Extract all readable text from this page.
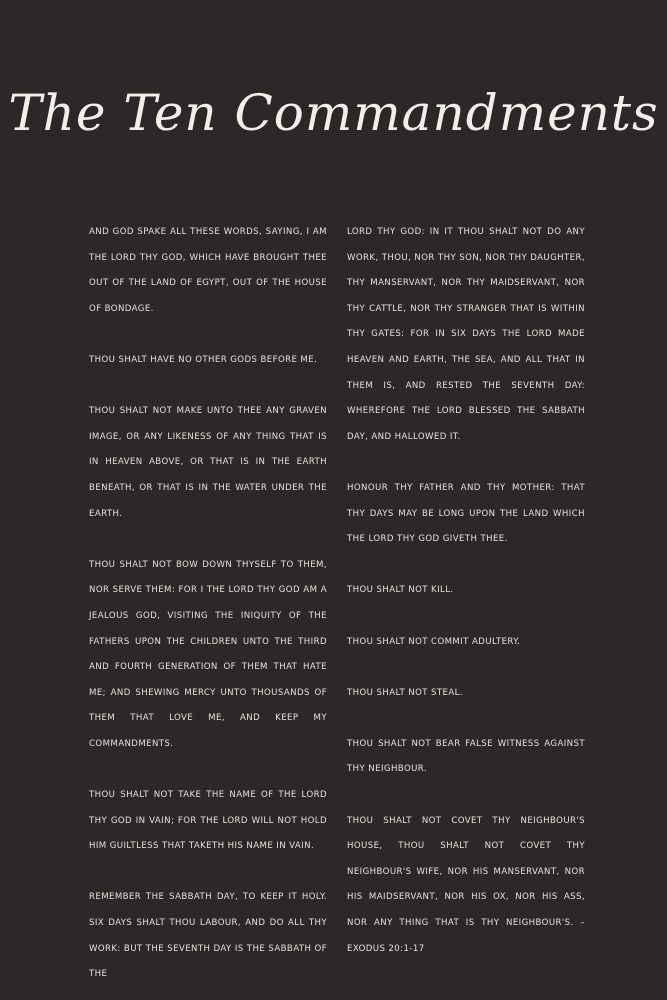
The Ten Commandments

AND GOD SPAKE ALL THESE WORDS, SAYING, I AM THE LORD THY GOD, WHICH HAVE BROUGHT THEE OUT OF THE LAND OF EGYPT, OUT OF THE HOUSE OF BONDAGE.

THOU SHALT HAVE NO OTHER GODS BEFORE ME.

THOU SHALT NOT MAKE UNTO THEE ANY GRAVEN IMAGE, OR ANY LIKENESS OF ANY THING THAT IS IN HEAVEN ABOVE, OR THAT IS IN THE EARTH BENEATH, OR THAT IS IN THE WATER UNDER THE EARTH.

THOU SHALT NOT BOW DOWN THYSELF TO THEM, NOR SERVE THEM: FOR I THE LORD THY GOD AM A JEALOUS GOD, VISITING THE INIQUITY OF THE FATHERS UPON THE CHILDREN UNTO THE THIRD AND FOURTH GENERATION OF THEM THAT HATE ME; AND SHEWING MERCY UNTO THOUSANDS OF THEM THAT LOVE ME, AND KEEP MY COMMANDMENTS.

THOU SHALT NOT TAKE THE NAME OF THE LORD THY GOD IN VAIN; FOR THE LORD WILL NOT HOLD HIM GUILTLESS THAT TAKETH HIS NAME IN VAIN.

REMEMBER THE SABBATH DAY, TO KEEP IT HOLY. SIX DAYS SHALT THOU LABOUR, AND DO ALL THY WORK: BUT THE SEVENTH DAY IS THE SABBATH OF THE

LORD THY GOD: IN IT THOU SHALT NOT DO ANY WORK, THOU, NOR THY SON, NOR THY DAUGHTER, THY MANSERVANT, NOR THY MAIDSERVANT, NOR THY CATTLE, NOR THY STRANGER THAT IS WITHIN THY GATES: FOR IN SIX DAYS THE LORD MADE HEAVEN AND EARTH, THE SEA, AND ALL THAT IN THEM IS, AND RESTED THE SEVENTH DAY: WHEREFORE THE LORD BLESSED THE SABBATH DAY, AND HALLOWED IT.

HONOUR THY FATHER AND THY MOTHER: THAT THY DAYS MAY BE LONG UPON THE LAND WHICH THE LORD THY GOD GIVETH THEE.

THOU SHALT NOT KILL.

THOU SHALT NOT COMMIT ADULTERY.

THOU SHALT NOT STEAL.

THOU SHALT NOT BEAR FALSE WITNESS AGAINST THY NEIGHBOUR.

THOU SHALT NOT COVET THY NEIGHBOUR'S HOUSE, THOU SHALT NOT COVET THY NEIGHBOUR'S WIFE, NOR HIS MANSERVANT, NOR HIS MAIDSERVANT, NOR HIS OX, NOR HIS ASS, NOR ANY THING THAT IS THY NEIGHBOUR'S. – EXODUS 20:1-17
